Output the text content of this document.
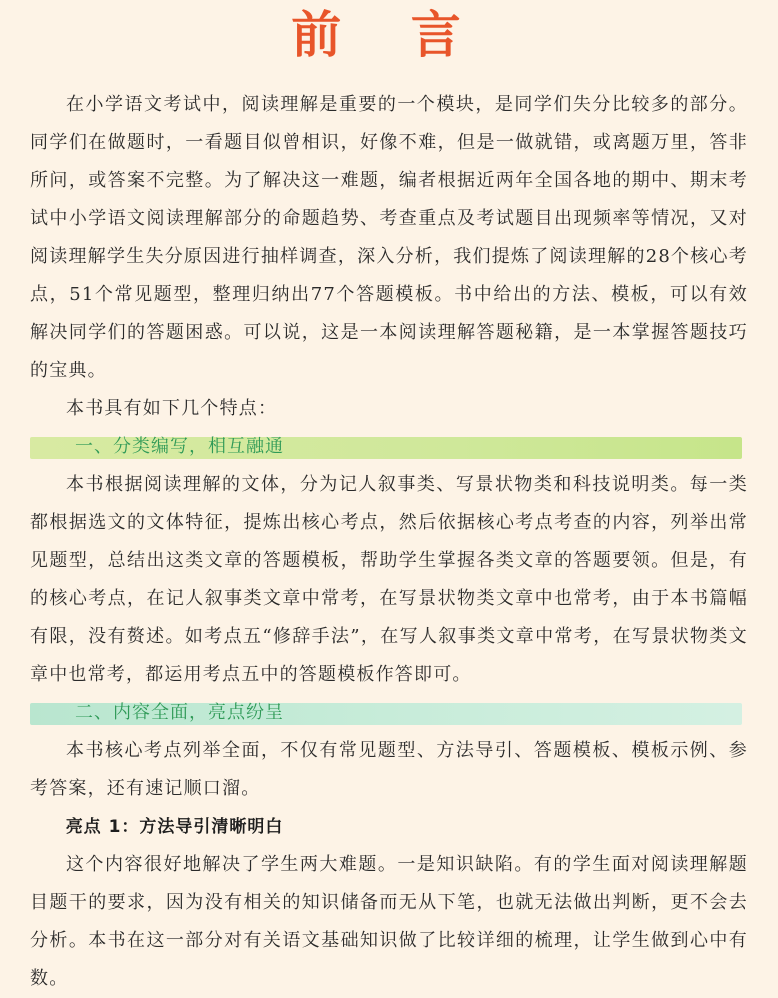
前 言

在小学语文考试中，阅读理解是重要的一个模块，是同学们失分比较多的部分。同学们在做题时，一看题目似曾相识，好像不难，但是一做就错，或离题万里，答非所问，或答案不完整。为了解决这一难题，编者根据近两年全国各地的期中、期末考试中小学语文阅读理解部分的命题趋势、考查重点及考试题目出现频率等情况，又对阅读理解学生失分原因进行抽样调查，深入分析，我们提炼了阅读理解的28个核心考点，51个常见题型，整理归纳出77个答题模板。书中给出的方法、模板，可以有效解决同学们的答题困惑。可以说，这是一本阅读理解答题秘籍，是一本掌握答题技巧的宝典。

本书具有如下几个特点：

一、分类编写，相互融通

本书根据阅读理解的文体，分为记人叙事类、写景状物类和科技说明类。每一类都根据选文的文体特征，提炼出核心考点，然后依据核心考点考查的内容，列举出常见题型，总结出这类文章的答题模板，帮助学生掌握各类文章的答题要领。但是，有的核心考点，在记人叙事类文章中常考，在写景状物类文章中也常考，由于本书篇幅有限，没有赘述。如考点五“修辞手法”，在写人叙事类文章中常考，在写景状物类文章中也常考，都运用考点五中的答题模板作答即可。

二、内容全面，亮点纷呈

本书核心考点列举全面，不仅有常见题型、方法导引、答题模板、模板示例、参考答案，还有速记顺口溜。

亮点 1：方法导引清晰明白

这个内容很好地解决了学生两大难题。一是知识缺陷。有的学生面对阅读理解题目题干的要求，因为没有相关的知识储备而无从下笔，也就无法做出判断，更不会去分析。本书在这一部分对有关语文基础知识做了比较详细的梳理，让学生做到心中有数。
